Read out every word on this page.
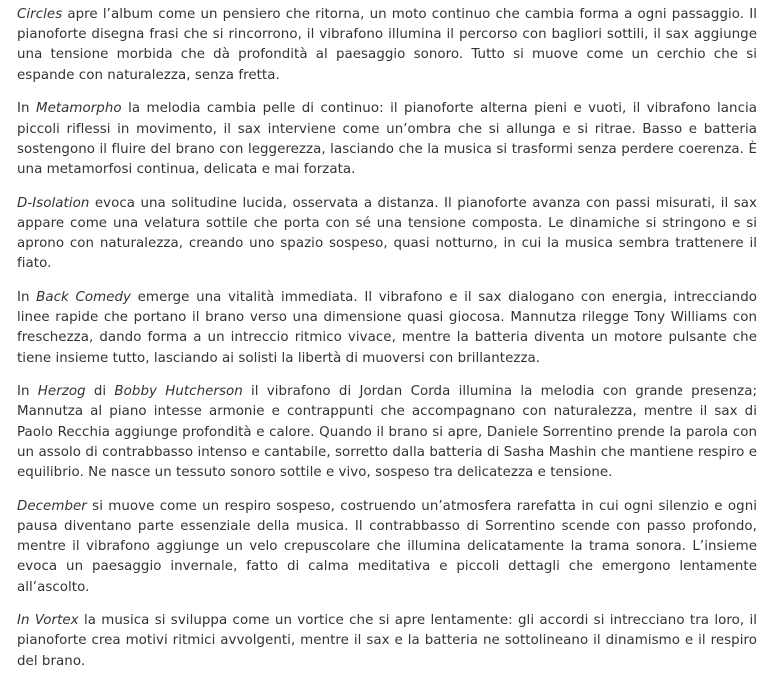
Circles apre l’album come un pensiero che ritorna, un moto continuo che cambia forma a ogni passaggio. Il pianoforte disegna frasi che si rincorrono, il vibrafono illumina il percorso con bagliori sottili, il sax aggiunge una tensione morbida che dà profondità al paesaggio sonoro. Tutto si muove come un cerchio che si espande con naturalezza, senza fretta.

In Metamorpho la melodia cambia pelle di continuo: il pianoforte alterna pieni e vuoti, il vibrafono lancia piccoli riflessi in movimento, il sax interviene come un’ombra che si allunga e si ritrae. Basso e batteria sostengono il fluire del brano con leggerezza, lasciando che la musica si trasformi senza perdere coerenza. È una metamorfosi continua, delicata e mai forzata.

D-Isolation evoca una solitudine lucida, osservata a distanza. Il pianoforte avanza con passi misurati, il sax appare come una velatura sottile che porta con sé una tensione composta. Le dinamiche si stringono e si aprono con naturalezza, creando uno spazio sospeso, quasi notturno, in cui la musica sembra trattenere il fiato.

In Back Comedy emerge una vitalità immediata. Il vibrafono e il sax dialogano con energia, intrecciando linee rapide che portano il brano verso una dimensione quasi giocosa. Mannutza rilegge Tony Williams con freschezza, dando forma a un intreccio ritmico vivace, mentre la batteria diventa un motore pulsante che tiene insieme tutto, lasciando ai solisti la libertà di muoversi con brillantezza.

In Herzog di Bobby Hutcherson il vibrafono di Jordan Corda illumina la melodia con grande presenza; Mannutza al piano intesse armonie e contrappunti che accompagnano con naturalezza, mentre il sax di Paolo Recchia aggiunge profondità e calore. Quando il brano si apre, Daniele Sorrentino prende la parola con un assolo di contrabbasso intenso e cantabile, sorretto dalla batteria di Sasha Mashin che mantiene respiro e equilibrio. Ne nasce un tessuto sonoro sottile e vivo, sospeso tra delicatezza e tensione.

December si muove come un respiro sospeso, costruendo un’atmosfera rarefatta in cui ogni silenzio e ogni pausa diventano parte essenziale della musica. Il contrabbasso di Sorrentino scende con passo profondo, mentre il vibrafono aggiunge un velo crepuscolare che illumina delicatamente la trama sonora. L’insieme evoca un paesaggio invernale, fatto di calma meditativa e piccoli dettagli che emergono lentamente all’ascolto.

In Vortex la musica si sviluppa come un vortice che si apre lentamente: gli accordi si intrecciano tra loro, il pianoforte crea motivi ritmici avvolgenti, mentre il sax e la batteria ne sottolineano il dinamismo e il respiro del brano.
